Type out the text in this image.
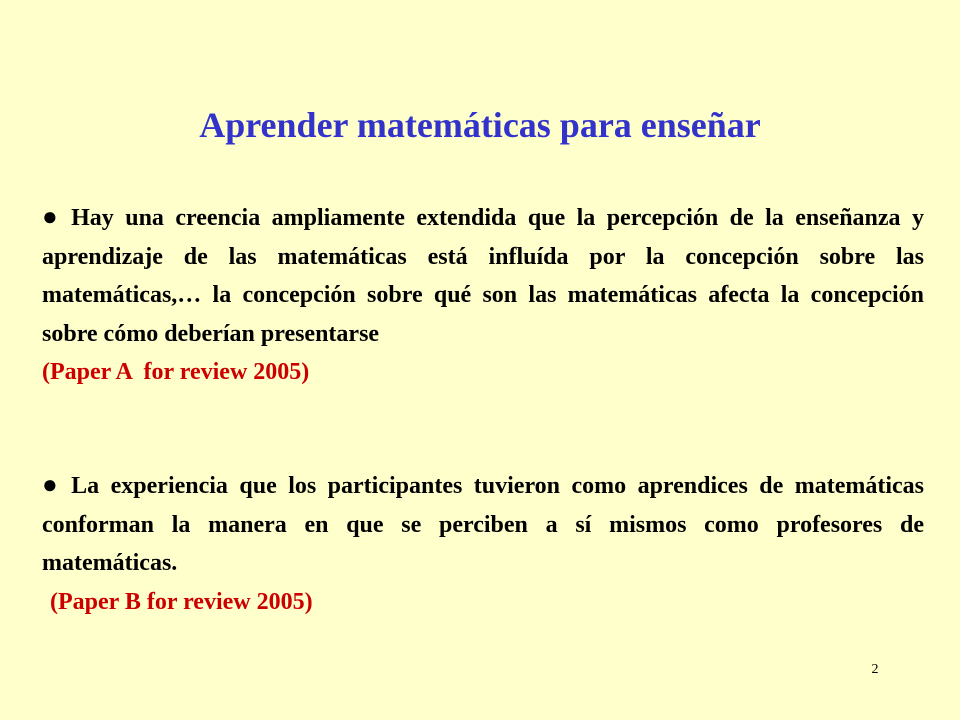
Aprender matemáticas para enseñar
● Hay una creencia ampliamente extendida que la percepción de la enseñanza y aprendizaje de las matemáticas está influída por la concepción sobre las matemáticas,… la concepción sobre qué son las matemáticas afecta la concepción sobre cómo deberían presentarse
(Paper A  for review 2005)
● La experiencia que los participantes tuvieron como aprendices de matemáticas conforman la manera en que se perciben a sí mismos como profesores de matemáticas.
(Paper B for review 2005)
2
